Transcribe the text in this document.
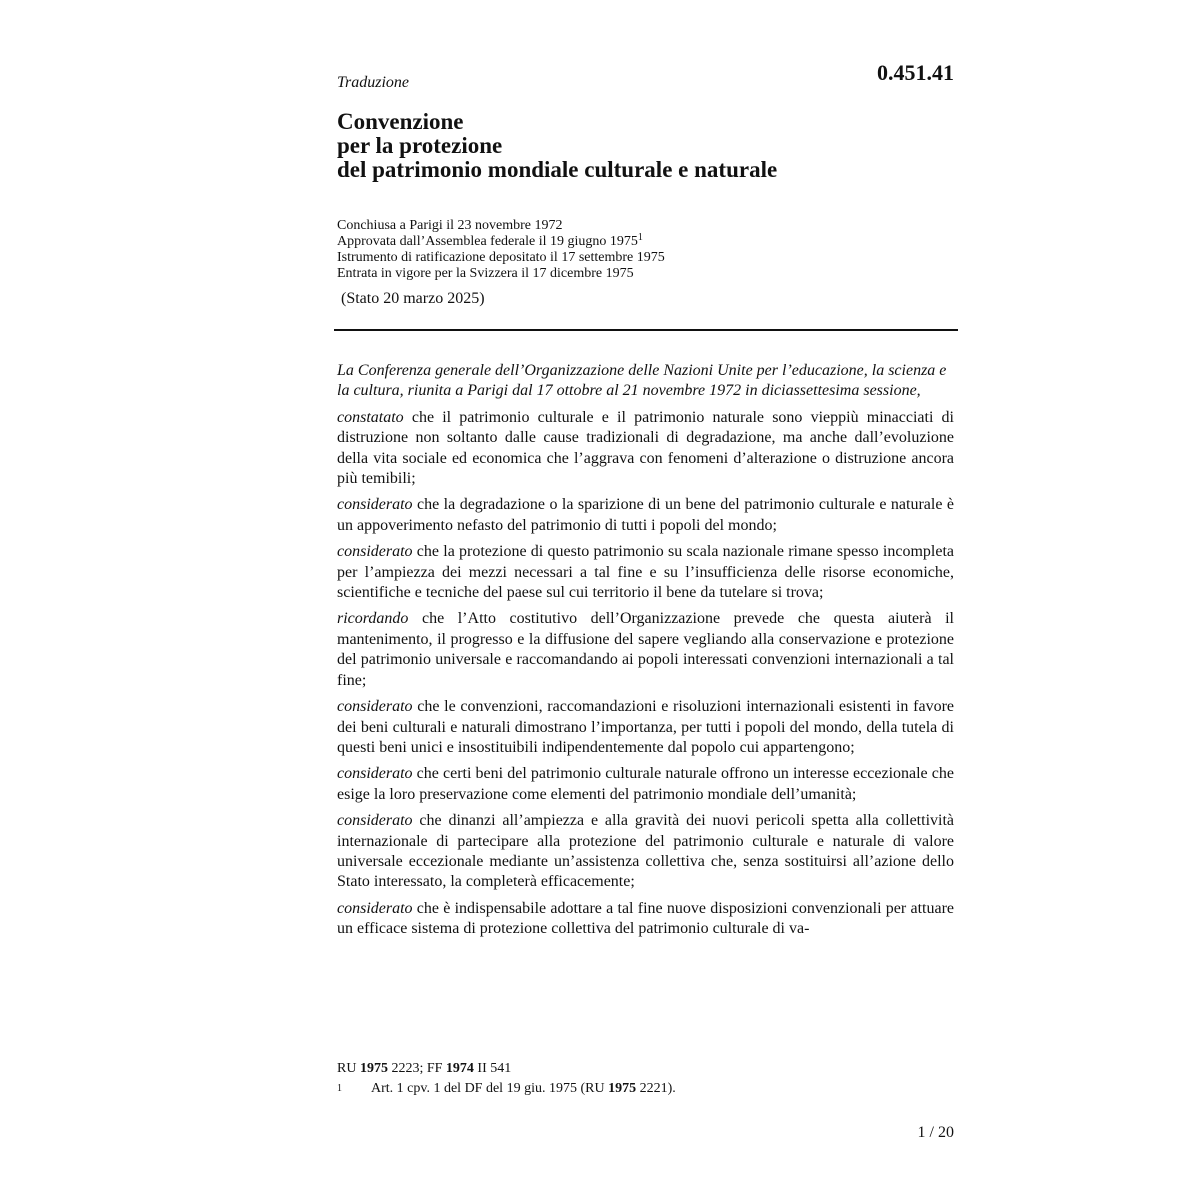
0.451.41
Traduzione
Convenzione
per la protezione
del patrimonio mondiale culturale e naturale
Conchiusa a Parigi il 23 novembre 1972
Approvata dall’Assemblea federale il 19 giugno 1975$^1$
Istrumento di ratificazione depositato il 17 settembre 1975
Entrata in vigore per la Svizzera il 17 dicembre 1975
(Stato 20 marzo 2025)

La Conferenza generale dell’Organizzazione delle Nazioni Unite per l’educazione, la scienza e la cultura, riunita a Parigi dal 17 ottobre al 21 novembre 1972 in diciassettesima sessione,

constatato che il patrimonio culturale e il patrimonio naturale sono vieppiù minacciati di distruzione non soltanto dalle cause tradizionali di degradazione, ma anche dall’evoluzione della vita sociale ed economica che l’aggrava con fenomeni d’alterazione o distruzione ancora più temibili;

considerato che la degradazione o la sparizione di un bene del patrimonio culturale e naturale è un appoverimento nefasto del patrimonio di tutti i popoli del mondo;

considerato che la protezione di questo patrimonio su scala nazionale rimane spesso incompleta per l’ampiezza dei mezzi necessari a tal fine e su l’insufficienza delle risorse economiche, scientifiche e tecniche del paese sul cui territorio il bene da tutelare si trova;

ricordando che l’Atto costitutivo dell’Organizzazione prevede che questa aiuterà il mantenimento, il progresso e la diffusione del sapere vegliando alla conservazione e protezione del patrimonio universale e raccomandando ai popoli interessati convenzioni internazionali a tal fine;

considerato che le convenzioni, raccomandazioni e risoluzioni internazionali esistenti in favore dei beni culturali e naturali dimostrano l’importanza, per tutti i popoli del mondo, della tutela di questi beni unici e insostituibili indipendentemente dal popolo cui appartengono;

considerato che certi beni del patrimonio culturale naturale offrono un interesse eccezionale che esige la loro preservazione come elementi del patrimonio mondiale dell’umanità;

considerato che dinanzi all’ampiezza e alla gravità dei nuovi pericoli spetta alla collettività internazionale di partecipare alla protezione del patrimonio culturale e naturale di valore universale eccezionale mediante un’assistenza collettiva che, senza sostituirsi all’azione dello Stato interessato, la completerà efficacemente;

considerato che è indispensabile adottare a tal fine nuove disposizioni convenzionali per attuare un efficace sistema di protezione collettiva del patrimonio culturale di va-

RU 1975 2223; FF 1974 II 541
1	Art. 1 cpv. 1 del DF del 19 giu. 1975 (RU 1975 2221).
1 / 20
